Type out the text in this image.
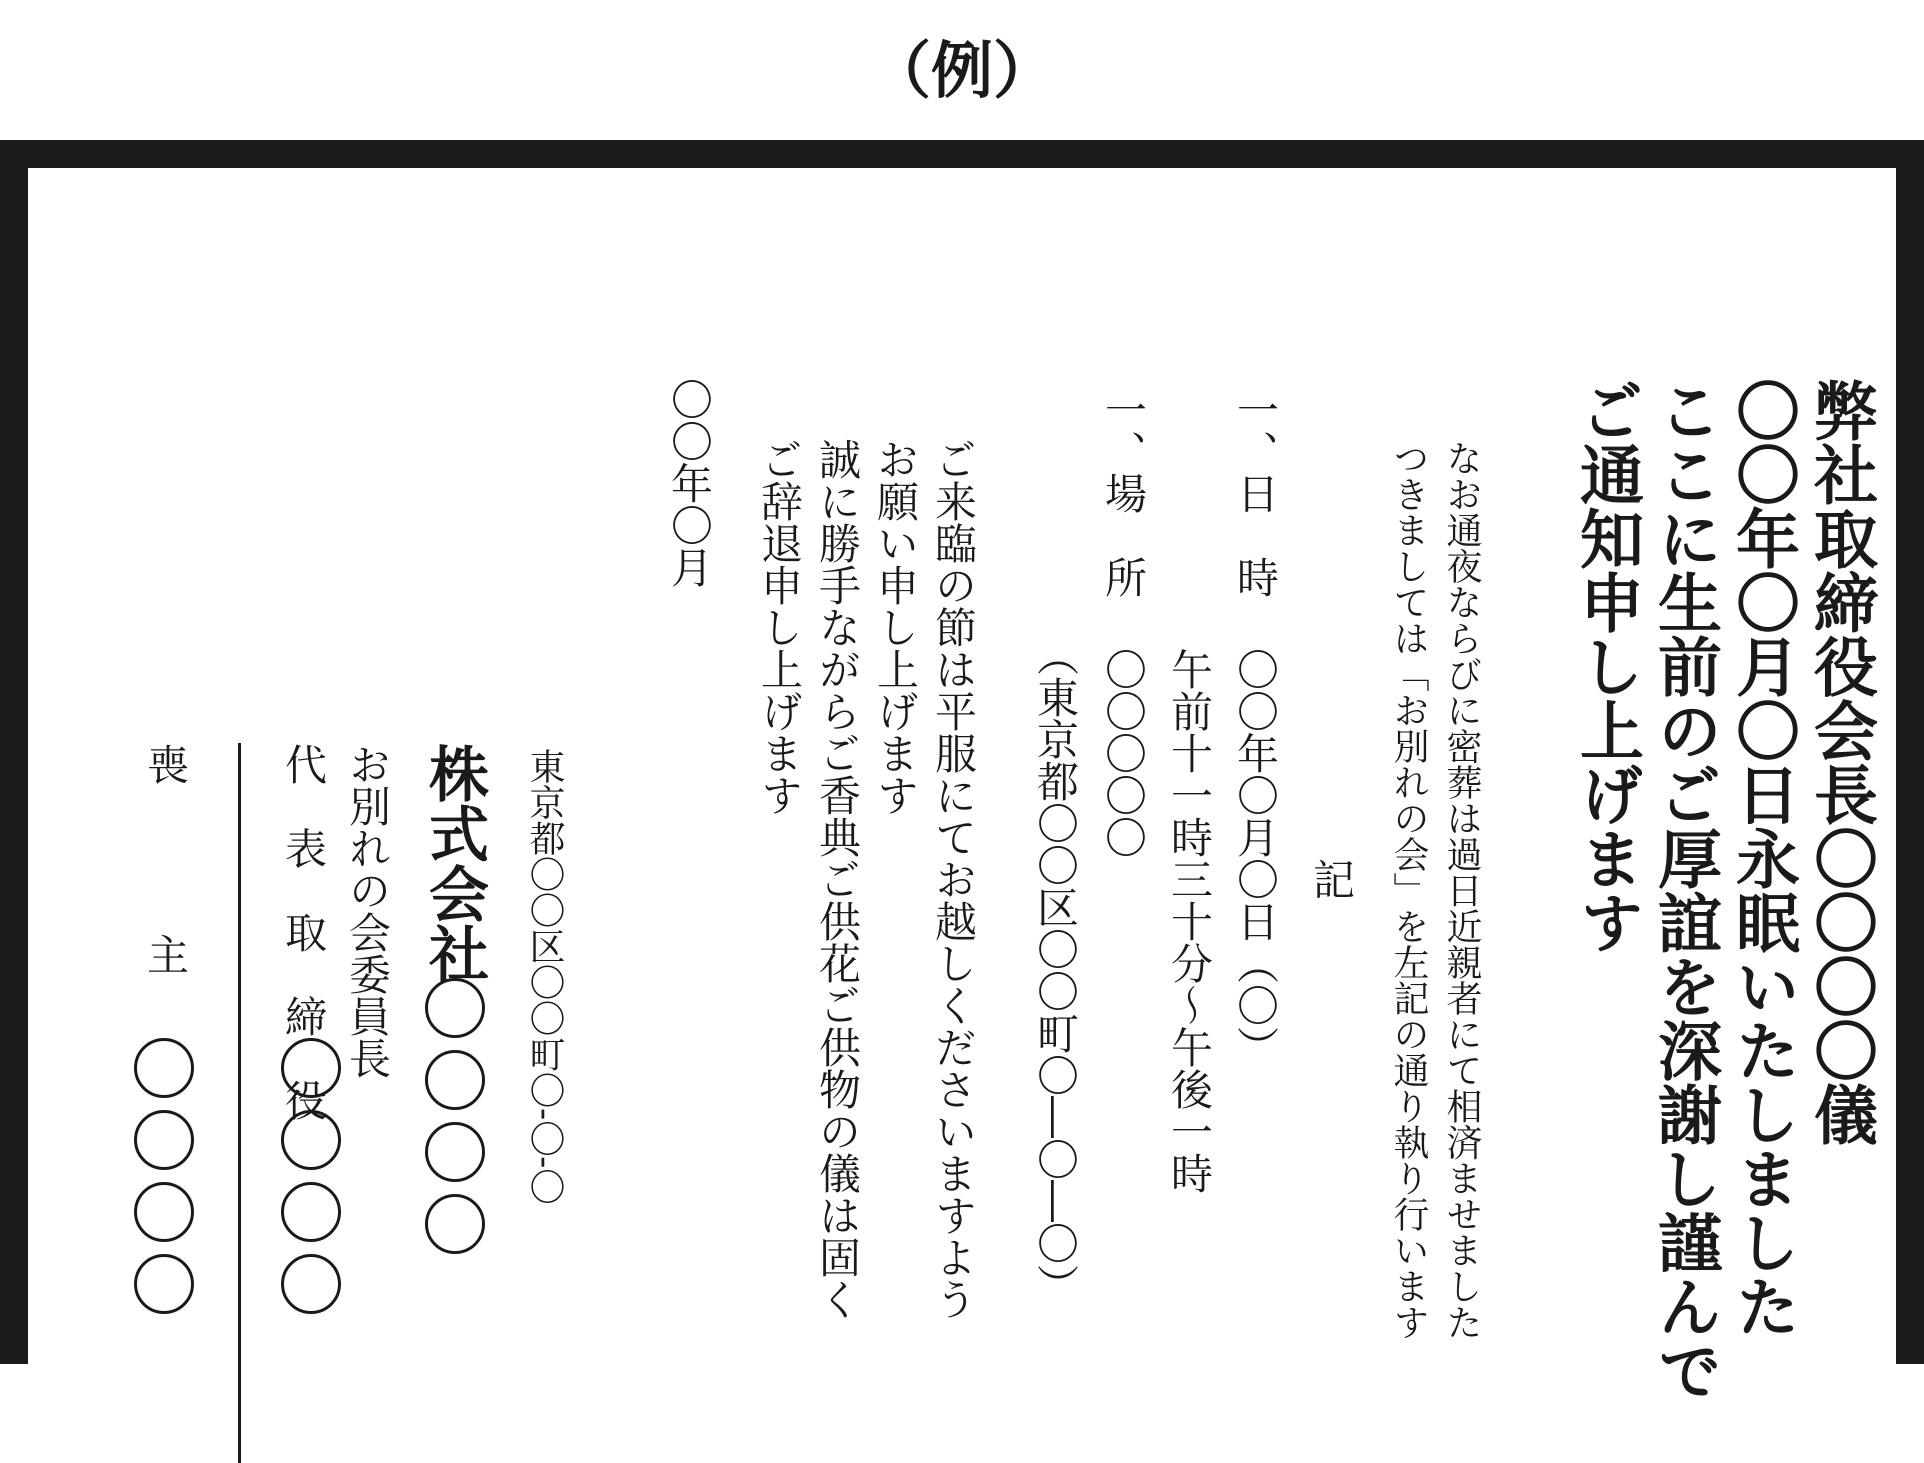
（例）
弊社取締役会長〇〇〇〇儀
〇〇年〇月〇日永眠いたしました
ここに生前のご厚誼を深謝し謹んで
ご通知申し上げます
なお通夜ならびに密葬は過日近親者にて相済ませました
つきましては「お別れの会」を左記の通り執り行います
記
一、日　時
〇〇年〇月〇日（〇）
午前十一時三十分〜午後一時
一、場　所
〇〇〇〇〇
（東京都〇〇区〇〇町〇―〇―〇）
ご来臨の節は平服にてお越しくださいますよう
お願い申し上げます
誠に勝手ながらご香典ご供花ご供物の儀は固く
ご辞退申し上げます
〇〇年〇月
東京都〇〇区〇〇町〇‐〇‐〇
株式会社
お別れの会委員長
代　表　取　締　役
喪
主
